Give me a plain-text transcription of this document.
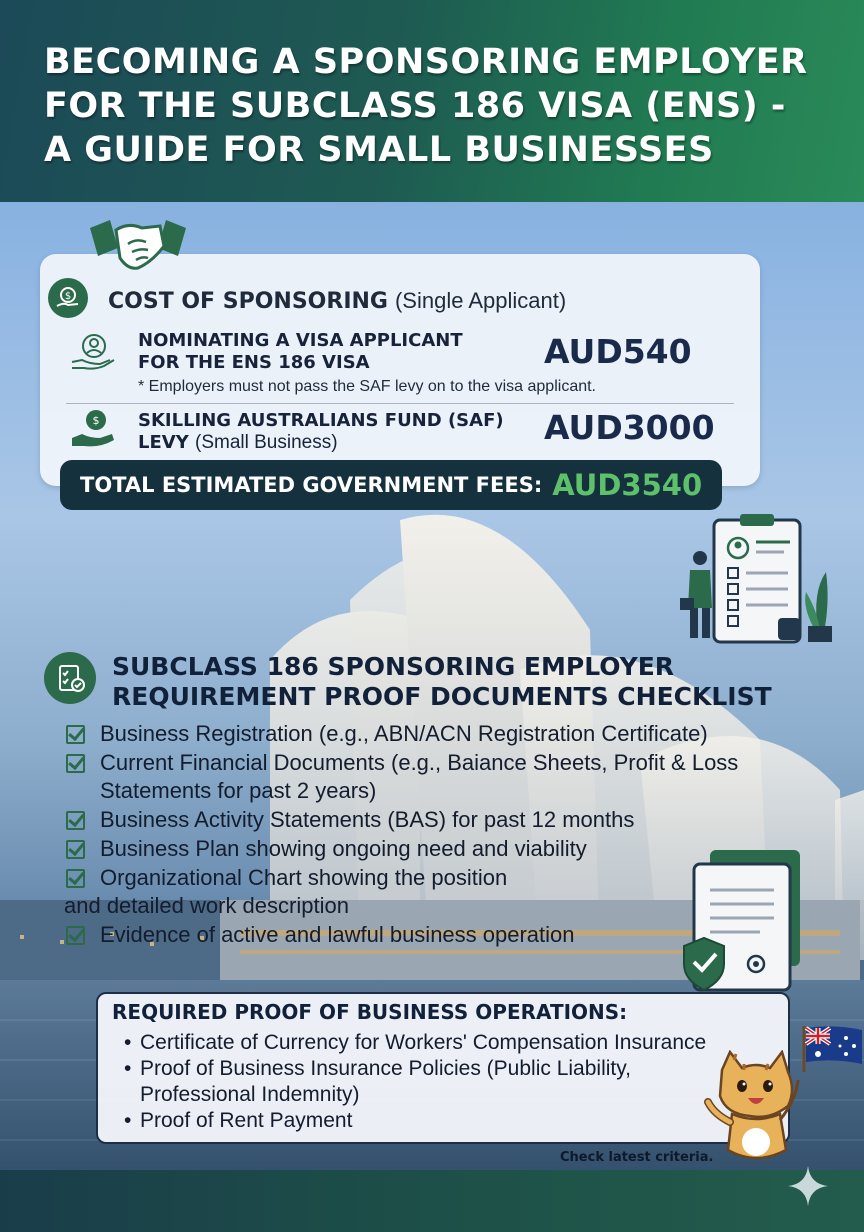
BECOMING A SPONSORING EMPLOYER
FOR THE SUBCLASS 186 VISA (ENS) -
A GUIDE FOR SMALL BUSINESSES
$ COST OF SPONSORING (Single Applicant)
NOMINATING A VISA APPLICANT
FOR THE ENS 186 VISA	AUD540
* Employers must not pass the SAF levy on to the visa applicant.
$ SKILLING AUSTRALIANS FUND (SAF)
LEVY (Small Business)	AUD3000
TOTAL ESTIMATED GOVERNMENT FEES: AUD3540
SUBCLASS 186 SPONSORING EMPLOYER
REQUIREMENT PROOF DOCUMENTS CHECKLIST
Business Registration (e.g., ABN/ACN Registration Certificate)
Current Financial Documents (e.g., Baiance Sheets, Profit & Loss
Statements for past 2 years)
Business Activity Statements (BAS) for past 12 months
Business Plan showing ongoing need and viability
Organizational Chart showing the position
and detailed work description
Evidence of active and lawful business operation
REQUIRED PROOF OF BUSINESS OPERATIONS:
• Certificate of Currency for Workers' Compensation Insurance
• Proof of Business Insurance Policies (Public Liability,
Professional Indemnity)
• Proof of Rent Payment
Check latest criteria.
